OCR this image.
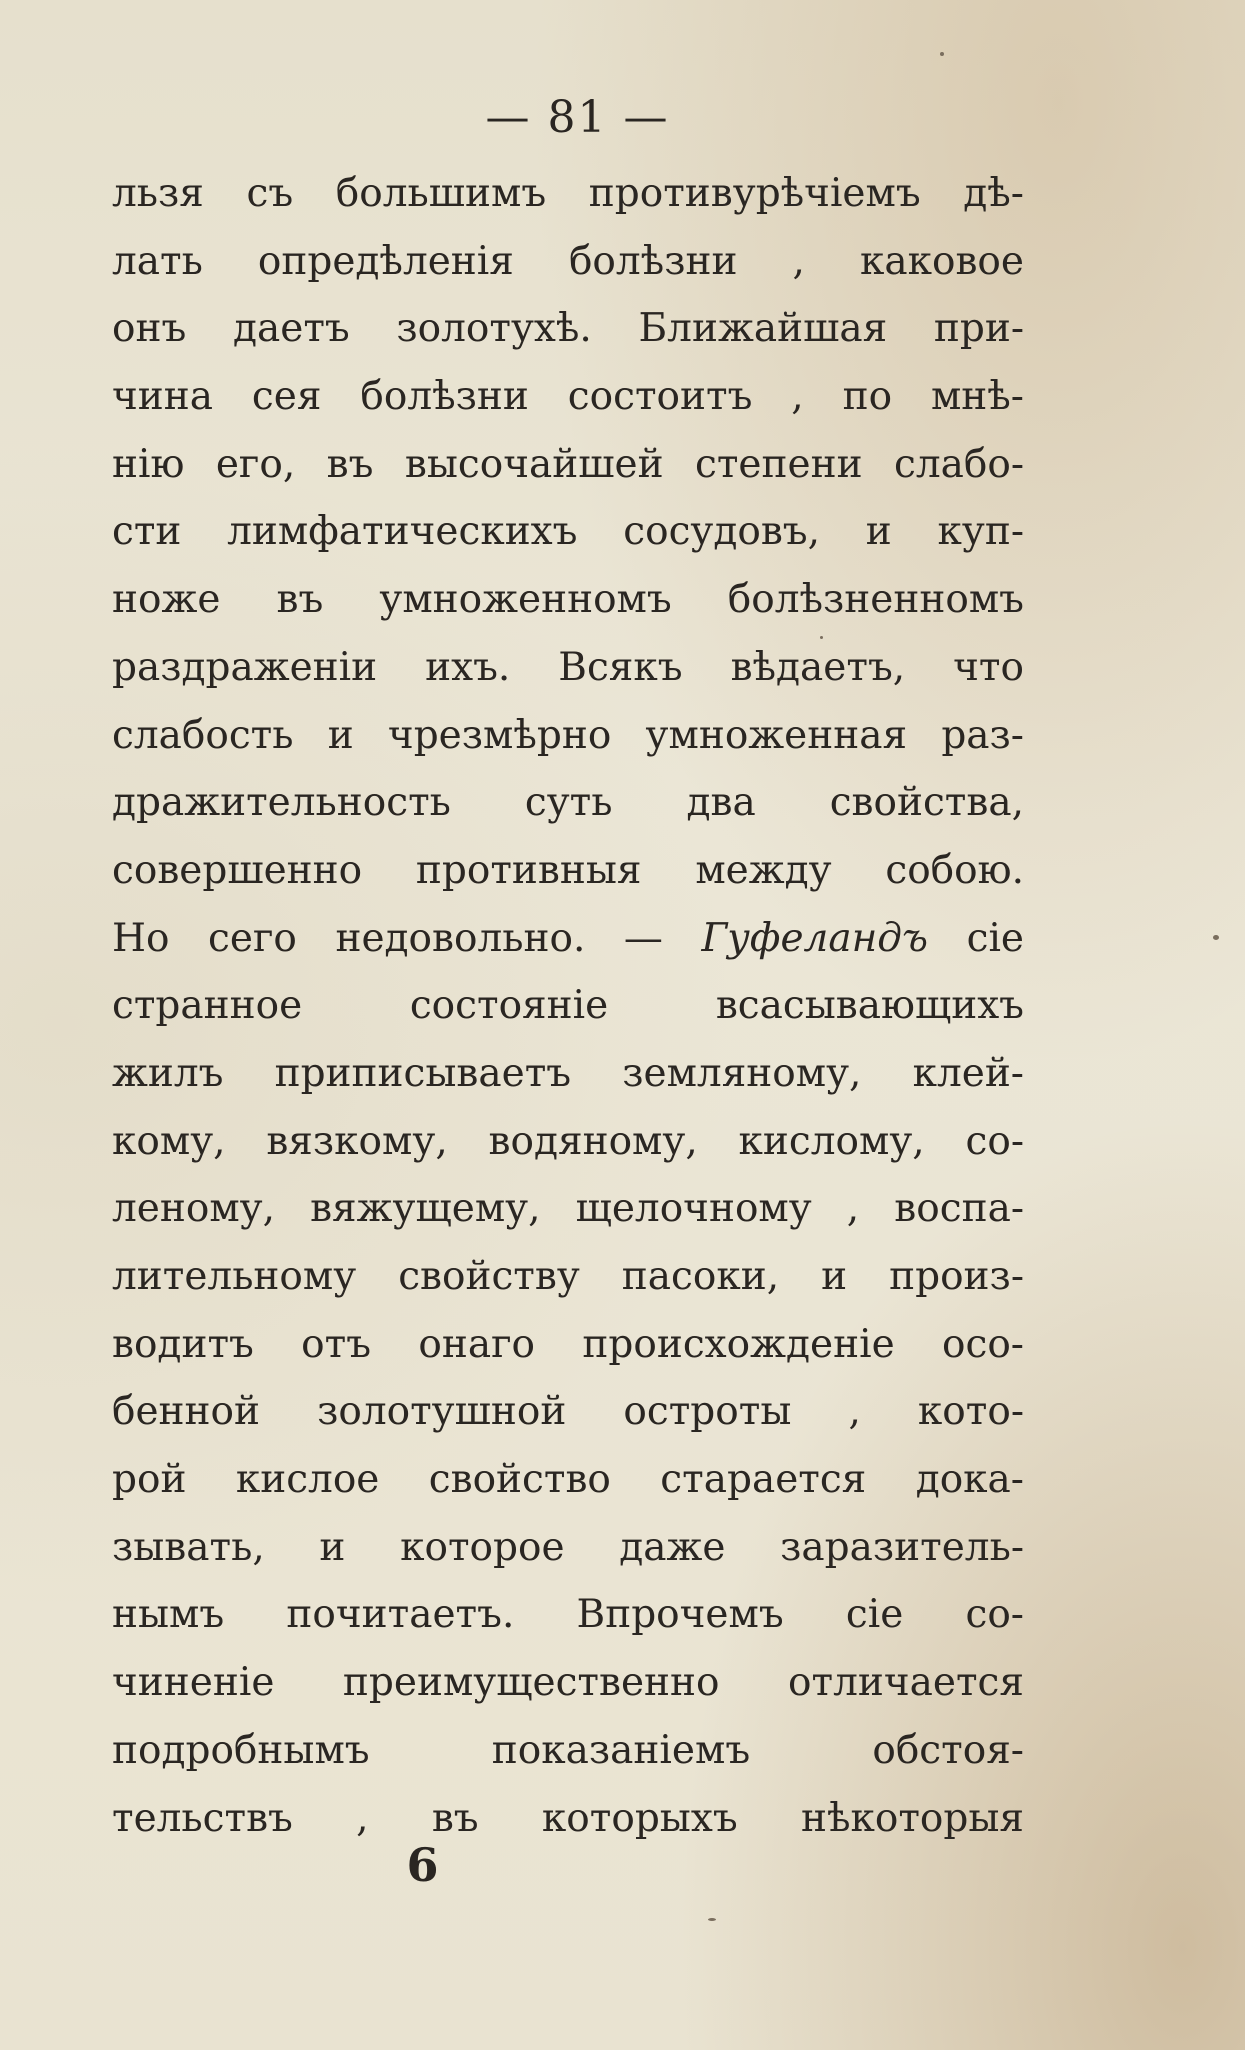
— 81 —
льзя съ большимъ противурѣчіемъ дѣ-
лать опредѣленія болѣзни , каковое
онъ даетъ золотухѣ. Ближайшая при-
чина сея болѣзни состоитъ , по мнѣ-
нію его, въ высочайшей степени слабо-
сти лимфатическихъ сосудовъ, и куп-
ноже въ умноженномъ болѣзненномъ
раздраженіи ихъ. Всякъ вѣдаетъ, что
слабость и чрезмѣрно умноженная раз-
дражительность суть два свойства,
совершенно противныя между собою.
Но сего недовольно. — Гуфеландъ сіе
странное состояніе всасывающихъ
жилъ приписываетъ земляному, клей-
кому, вязкому, водяному, кислому, со-
леному, вяжущему, щелочному , воспа-
лительному свойству пасоки, и произ-
водитъ отъ онаго происхожденіе осо-
бенной золотушной остроты , кото-
рой кислое свойство старается дока-
зывать, и которое даже заразитель-
нымъ почитаетъ. Впрочемъ сіе со-
чиненіе преимущественно отличается
подробнымъ показаніемъ обстоя-
тельствъ , въ которыхъ нѣкоторыя
6
